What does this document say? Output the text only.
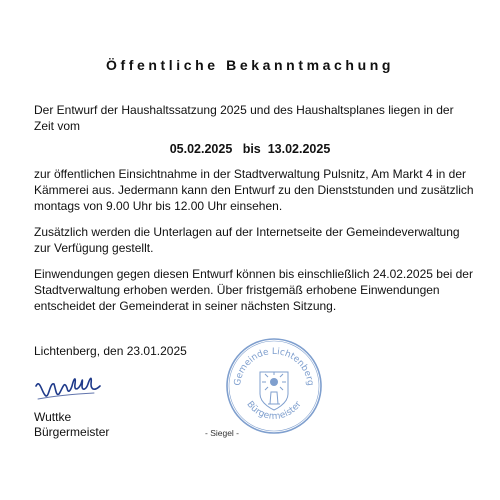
Öffentliche Bekanntmachung
Der Entwurf der Haushaltssatzung 2025 und des Haushaltsplanes liegen in der Zeit vom
05.02.2025 bis 13.02.2025
zur öffentlichen Einsichtnahme in der Stadtverwaltung Pulsnitz, Am Markt 4 in der Kämmerei aus. Jedermann kann den Entwurf zu den Dienststunden und zusätzlich montags von 9.00 Uhr bis 12.00 Uhr einsehen.
Zusätzlich werden die Unterlagen auf der Internetseite der Gemeindeverwaltung zur Verfügung gestellt.
Einwendungen gegen diesen Entwurf können bis einschließlich 24.02.2025 bei der Stadtverwaltung erhoben werden. Über fristgemäß erhobene Einwendungen entscheidet der Gemeinderat in seiner nächsten Sitzung.
Lichtenberg, den 23.01.2025
Wuttke
Bürgermeister	- Siegel -
Gemeinde Lichtenberg
Bürgermeister
